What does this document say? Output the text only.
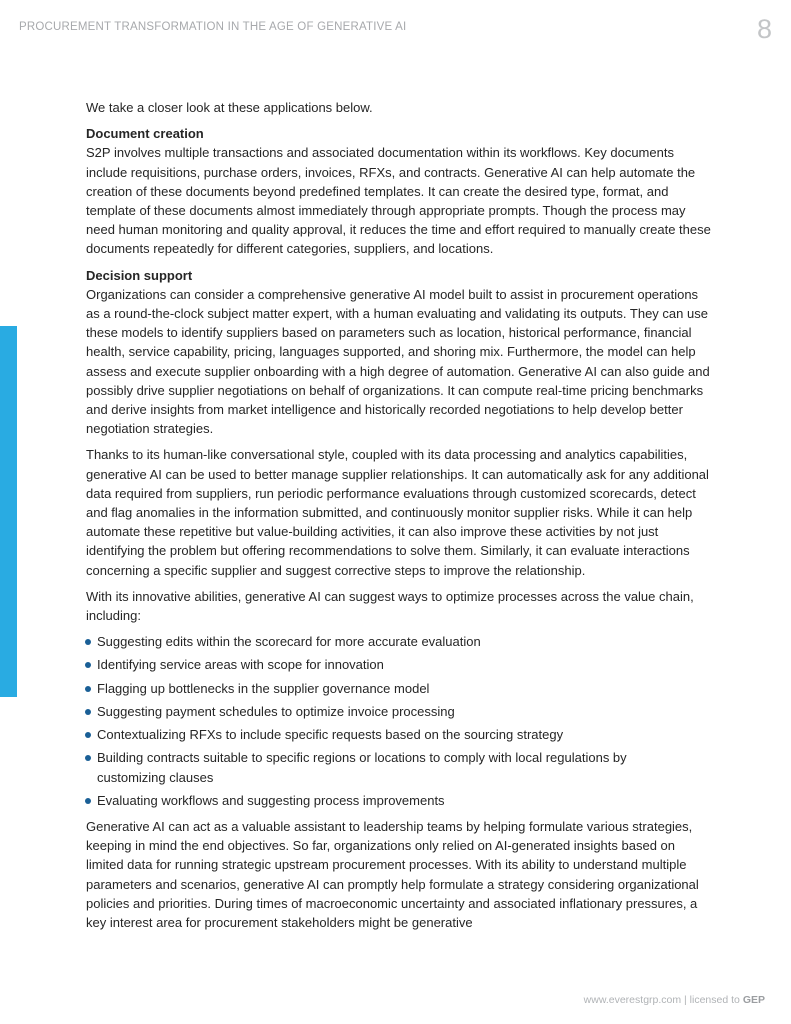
PROCUREMENT TRANSFORMATION IN THE AGE OF GENERATIVE AI	8

We take a closer look at these applications below.

Document creation

S2P involves multiple transactions and associated documentation within its workflows. Key documents include requisitions, purchase orders, invoices, RFXs, and contracts. Generative AI can help automate the creation of these documents beyond predefined templates. It can create the desired type, format, and template of these documents almost immediately through appropriate prompts. Though the process may need human monitoring and quality approval, it reduces the time and effort required to manually create these documents repeatedly for different categories, suppliers, and locations.

Decision support

Organizations can consider a comprehensive generative AI model built to assist in procurement operations as a round-the-clock subject matter expert, with a human evaluating and validating its outputs. They can use these models to identify suppliers based on parameters such as location, historical performance, financial health, service capability, pricing, languages supported, and shoring mix. Furthermore, the model can help assess and execute supplier onboarding with a high degree of automation. Generative AI can also guide and possibly drive supplier negotiations on behalf of organizations. It can compute real-time pricing benchmarks and derive insights from market intelligence and historically recorded negotiations to help develop better negotiation strategies.

Thanks to its human-like conversational style, coupled with its data processing and analytics capabilities, generative AI can be used to better manage supplier relationships. It can automatically ask for any additional data required from suppliers, run periodic performance evaluations through customized scorecards, detect and flag anomalies in the information submitted, and continuously monitor supplier risks. While it can help automate these repetitive but value-building activities, it can also improve these activities by not just identifying the problem but offering recommendations to solve them. Similarly, it can evaluate interactions concerning a specific supplier and suggest corrective steps to improve the relationship.

With its innovative abilities, generative AI can suggest ways to optimize processes across the value chain, including:

Suggesting edits within the scorecard for more accurate evaluation
Identifying service areas with scope for innovation
Flagging up bottlenecks in the supplier governance model
Suggesting payment schedules to optimize invoice processing
Contextualizing RFXs to include specific requests based on the sourcing strategy
Building contracts suitable to specific regions or locations to comply with local regulations by customizing clauses
Evaluating workflows and suggesting process improvements

Generative AI can act as a valuable assistant to leadership teams by helping formulate various strategies, keeping in mind the end objectives. So far, organizations only relied on AI-generated insights based on limited data for running strategic upstream procurement processes. With its ability to understand multiple parameters and scenarios, generative AI can promptly help formulate a strategy considering organizational policies and priorities. During times of macroeconomic uncertainty and associated inflationary pressures, a key interest area for procurement stakeholders might be generative

www.everestgrp.com | licensed to GEP
